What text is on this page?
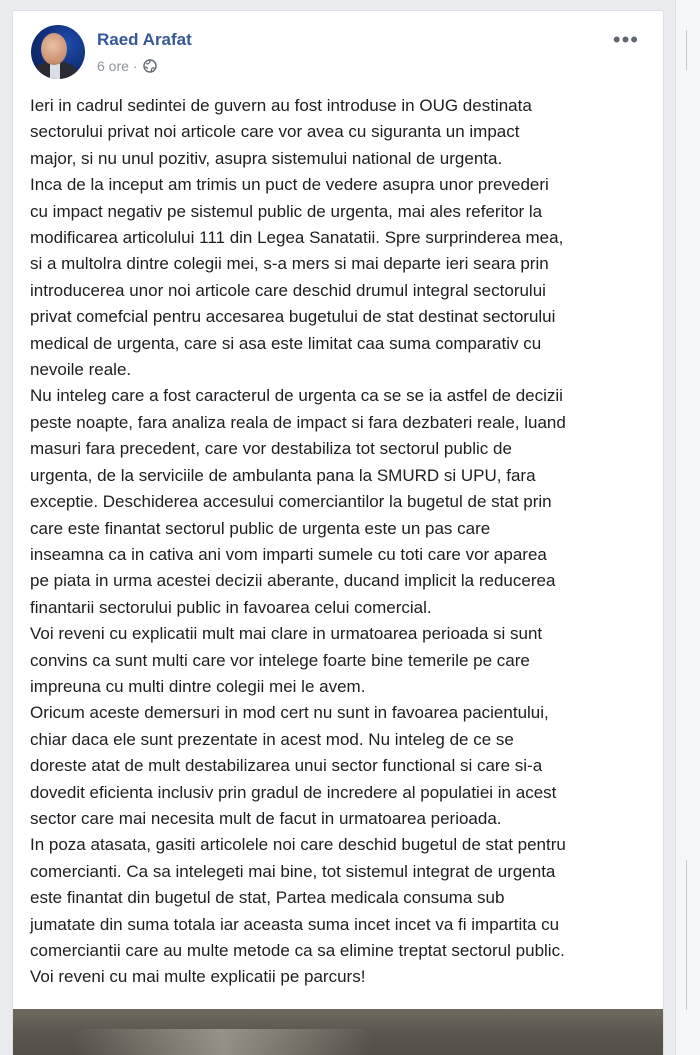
Raed Arafat
6 ore ·
•••

Ieri in cadrul sedintei de guvern au fost introduse in OUG destinata

sectorului privat noi articole care vor avea cu siguranta un impact

major, si nu unul pozitiv, asupra sistemului national de urgenta.

Inca de la inceput am trimis un puct de vedere asupra unor prevederi

cu impact negativ pe sistemul public de urgenta, mai ales referitor la

modificarea articolului 111 din Legea Sanatatii. Spre surprinderea mea,

si a multolra dintre colegii mei, s-a mers si mai departe ieri seara prin

introducerea unor noi articole care deschid drumul integral sectorului

privat comefcial pentru accesarea bugetului de stat destinat sectorului

medical de urgenta, care si asa este limitat caa suma comparativ cu

nevoile reale.

Nu inteleg care a fost caracterul de urgenta ca se se ia astfel de decizii

peste noapte, fara analiza reala de impact si fara dezbateri reale, luand

masuri fara precedent, care vor destabiliza tot sectorul public de

urgenta, de la serviciile de ambulanta pana la SMURD si UPU, fara

exceptie. Deschiderea accesului comerciantilor la bugetul de stat prin

care este finantat sectorul public de urgenta este un pas care

inseamna ca in cativa ani vom imparti sumele cu toti care vor aparea

pe piata in urma acestei decizii aberante, ducand implicit la reducerea

finantarii sectorului public in favoarea celui comercial.

Voi reveni cu explicatii mult mai clare in urmatoarea perioada si sunt

convins ca sunt multi care vor intelege foarte bine temerile pe care

impreuna cu multi dintre colegii mei le avem.

Oricum aceste demersuri in mod cert nu sunt in favoarea pacientului,

chiar daca ele sunt prezentate in acest mod. Nu inteleg de ce se

doreste atat de mult destabilizarea unui sector functional si care si-a

dovedit eficienta inclusiv prin gradul de incredere al populatiei in acest

sector care mai necesita mult de facut in urmatoarea perioada.

In poza atasata, gasiti articolele noi care deschid bugetul de stat pentru

comercianti. Ca sa intelegeti mai bine, tot sistemul integrat de urgenta

este finantat din bugetul de stat, Partea medicala consuma sub

jumatate din suma totala iar aceasta suma incet incet va fi impartita cu

comerciantii care au multe metode ca sa elimine treptat sectorul public.

Voi reveni cu mai multe explicatii pe parcurs!
